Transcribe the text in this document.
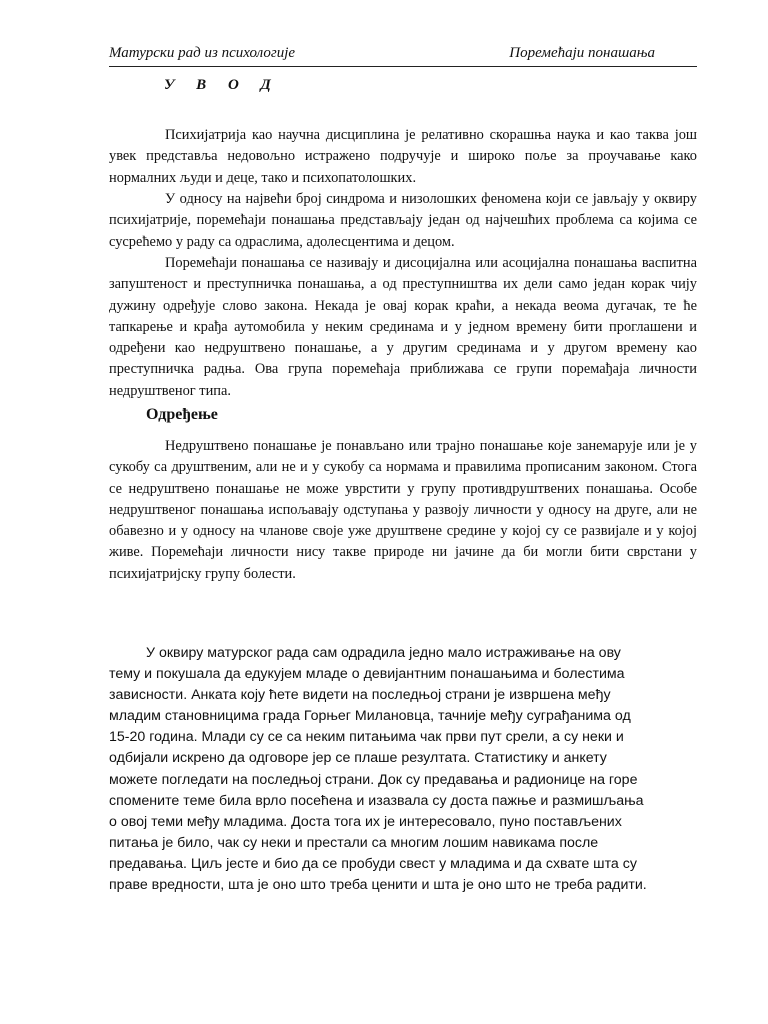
Матурски рад из психологије	Поремећаји понашања
У В О Д

Психијатрија као научна дисциплина је релативно скорашња наука и као таква још увек представља недовољно истражено подручује и широко поље за проучавање како нормалних људи и деце, тако и психопатолошких.

У односу на највећи број синдрома и низолошких феномена који се јављају у оквиру психијатрије, поремећаји понашања представљају један од најчешћих проблема са којима се сусрећемо у раду са одраслима, адолесцентима и децом.

Поремећаји понашања се називају и дисоцијална или асоцијална понашања васпитна запуштеност и преступничка понашања, а од преступништва их дели само један корак чију дужину одређује слово закона. Некада је овај корак краћи, а некада веома дугачак, те ће тапкарење и крађа аутомобила у неким срединама и у једном времену бити проглашени и одређени као недруштвено понашање, а у другим срединама и у другом времену као преступничка радња. Ова група поремећаја приближава се групи поремађаја личности недруштвеног типа.

Одређење

Недруштвено понашање је понављано или трајно понашање које занемарује или је у сукобу са друштвеним, али не и у сукобу са нормама и правилима прописаним законом. Стога се недруштвено понашање не може уврстити у групу противдруштвених понашања. Особе недруштвеног понашања испољавају одступања у развоју личности у односу на друге, али не обавезно и у односу на чланове своје уже друштвене средине у којој су се развијале и у којој живе. Поремећаји личности нису такве природе ни јачине да би могли бити сврстани у психијатријску групу болести.

У оквиру матурског рада сам одрадила једно мало истраживање на ову тему и покушала да едукујем младе о девијантним понашањима и болестима зависности. Анката коју ћете видети на последњој страни је извршена међу младим становницима града Горњег Милановца, тачније међу суграђанима од 15-20 година. Млади су се са неким питањима чак први пут срели, а су неки и одбијали искрено да одговоре јер се плаше резултата. Статистику и анкету можете погледати на последњој страни. Док су предавања и радионице на горе спомените теме била врло посећена и изазвала су доста пажње и размишљања о овој теми међу младима. Доста тога их је интересовало, пуно постављених питања је било, чак су неки и престали са многим лошим навикама после предавања. Циљ јесте и био да се пробуди свест у младима и да схвате шта су праве вредности, шта је оно што треба ценити и шта је оно што не треба радити.
